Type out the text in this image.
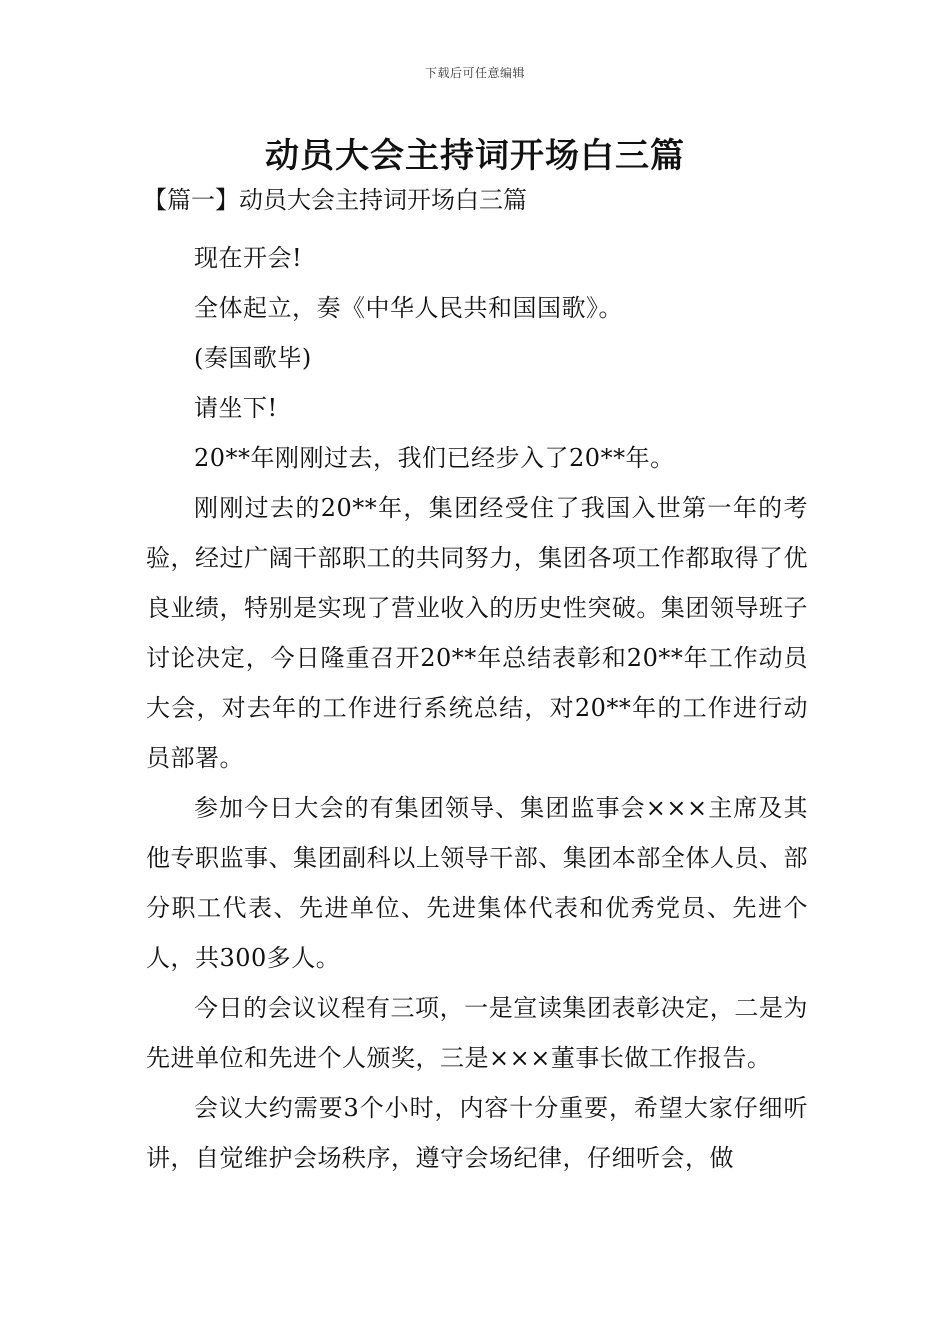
下载后可任意编辑
动员大会主持词开场白三篇
【篇一】动员大会主持词开场白三篇

现在开会!

全体起立，奏《中华人民共和国国歌》。

(奏国歌毕)

请坐下!

20**年刚刚过去，我们已经步入了20**年。

刚刚过去的20**年，集团经受住了我国入世第一年的考验，经过广阔干部职工的共同努力，集团各项工作都取得了优良业绩，特别是实现了营业收入的历史性突破。集团领导班子讨论决定，今日隆重召开20**年总结表彰和20**年工作动员大会，对去年的工作进行系统总结，对20**年的工作进行动员部署。

参加今日大会的有集团领导、集团监事会×××主席及其他专职监事、集团副科以上领导干部、集团本部全体人员、部分职工代表、先进单位、先进集体代表和优秀党员、先进个人，共300多人。

今日的会议议程有三项，一是宣读集团表彰决定，二是为先进单位和先进个人颁奖，三是×××董事长做工作报告。

会议大约需要3个小时，内容十分重要，希望大家仔细听讲，自觉维护会场秩序，遵守会场纪律，仔细听会，做
